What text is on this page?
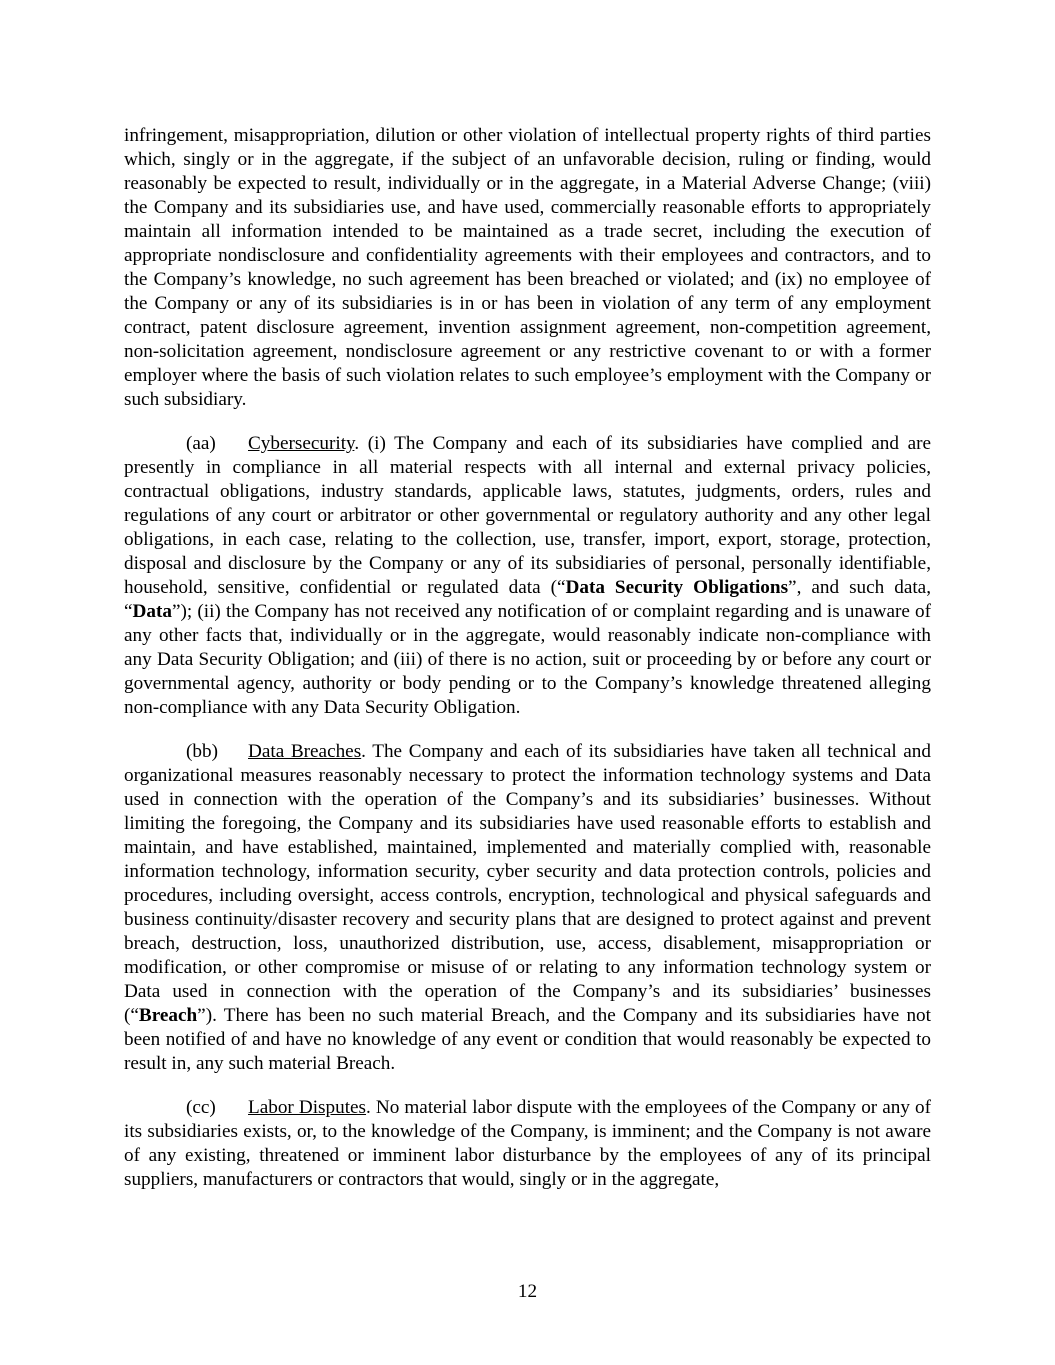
infringement, misappropriation, dilution or other violation of intellectual property rights of third parties which, singly or in the aggregate, if the subject of an unfavorable decision, ruling or finding, would reasonably be expected to result, individually or in the aggregate, in a Material Adverse Change; (viii) the Company and its subsidiaries use, and have used, commercially reasonable efforts to appropriately maintain all information intended to be maintained as a trade secret, including the execution of appropriate nondisclosure and confidentiality agreements with their employees and contractors, and to the Company’s knowledge, no such agreement has been breached or violated; and (ix) no employee of the Company or any of its subsidiaries is in or has been in violation of any term of any employment contract, patent disclosure agreement, invention assignment agreement, non-competition agreement, non-solicitation agreement, nondisclosure agreement or any restrictive covenant to or with a former employer where the basis of such violation relates to such employee’s employment with the Company or such subsidiary.

(aa) Cybersecurity. (i) The Company and each of its subsidiaries have complied and are presently in compliance in all material respects with all internal and external privacy policies, contractual obligations, industry standards, applicable laws, statutes, judgments, orders, rules and regulations of any court or arbitrator or other governmental or regulatory authority and any other legal obligations, in each case, relating to the collection, use, transfer, import, export, storage, protection, disposal and disclosure by the Company or any of its subsidiaries of personal, personally identifiable, household, sensitive, confidential or regulated data (“Data Security Obligations”, and such data, “Data”); (ii) the Company has not received any notification of or complaint regarding and is unaware of any other facts that, individually or in the aggregate, would reasonably indicate non-compliance with any Data Security Obligation; and (iii) of there is no action, suit or proceeding by or before any court or governmental agency, authority or body pending or to the Company’s knowledge threatened alleging non-compliance with any Data Security Obligation.

(bb) Data Breaches. The Company and each of its subsidiaries have taken all technical and organizational measures reasonably necessary to protect the information technology systems and Data used in connection with the operation of the Company’s and its subsidiaries’ businesses. Without limiting the foregoing, the Company and its subsidiaries have used reasonable efforts to establish and maintain, and have established, maintained, implemented and materially complied with, reasonable information technology, information security, cyber security and data protection controls, policies and procedures, including oversight, access controls, encryption, technological and physical safeguards and business continuity/disaster recovery and security plans that are designed to protect against and prevent breach, destruction, loss, unauthorized distribution, use, access, disablement, misappropriation or modification, or other compromise or misuse of or relating to any information technology system or Data used in connection with the operation of the Company’s and its subsidiaries’ businesses (“Breach”). There has been no such material Breach, and the Company and its subsidiaries have not been notified of and have no knowledge of any event or condition that would reasonably be expected to result in, any such material Breach.

(cc) Labor Disputes. No material labor dispute with the employees of the Company or any of its subsidiaries exists, or, to the knowledge of the Company, is imminent; and the Company is not aware of any existing, threatened or imminent labor disturbance by the employees of any of its principal suppliers, manufacturers or contractors that would, singly or in the aggregate,

12
